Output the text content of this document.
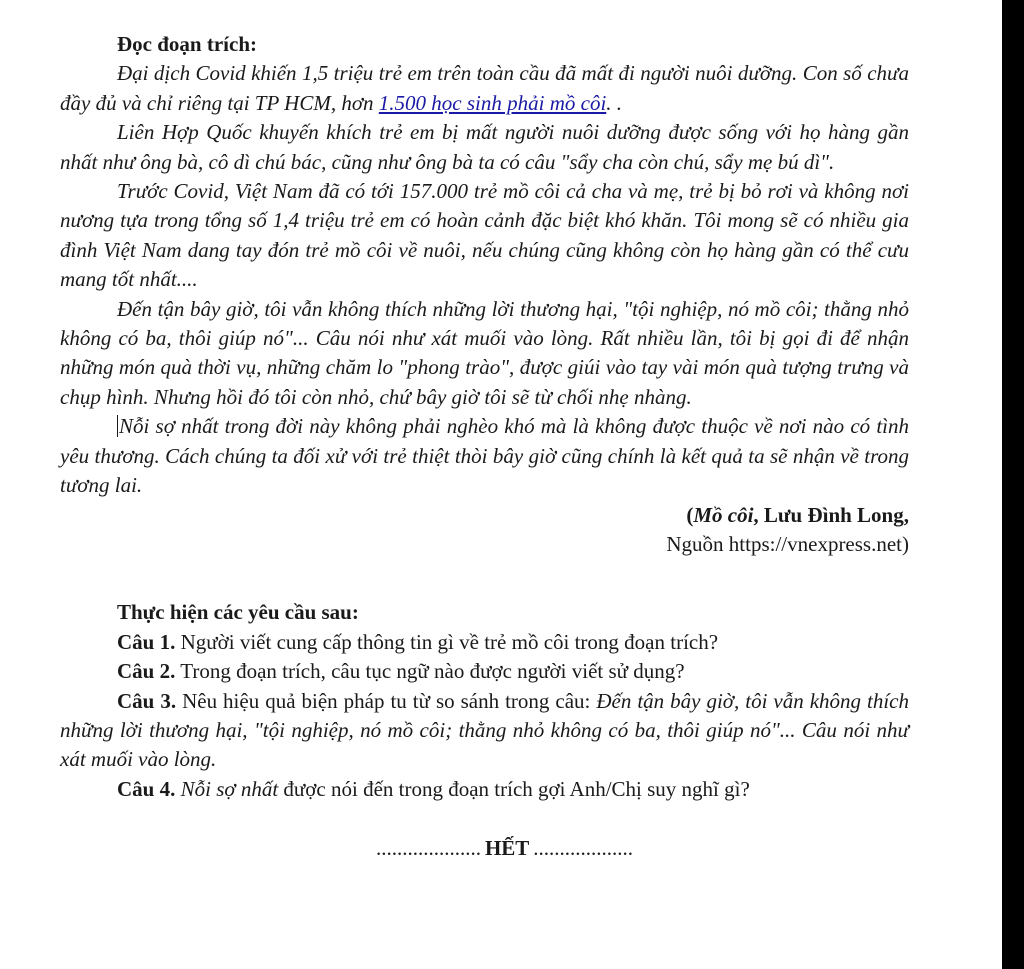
Đọc đoạn trích:

Đại dịch Covid khiến 1,5 triệu trẻ em trên toàn cầu đã mất đi người nuôi dưỡng. Con số chưa đầy đủ và chỉ riêng tại TP HCM, hơn 1.500 học sinh phải mồ côi. .

Liên Hợp Quốc khuyến khích trẻ em bị mất người nuôi dưỡng được sống với họ hàng gần nhất như ông bà, cô dì chú bác, cũng như ông bà ta có câu "sẩy cha còn chú, sẩy mẹ bú dì".

Trước Covid, Việt Nam đã có tới 157.000 trẻ mồ côi cả cha và mẹ, trẻ bị bỏ rơi và không nơi nương tựa trong tổng số 1,4 triệu trẻ em có hoàn cảnh đặc biệt khó khăn. Tôi mong sẽ có nhiều gia đình Việt Nam dang tay đón trẻ mồ côi về nuôi, nếu chúng cũng không còn họ hàng gần có thể cưu mang tốt nhất....

Đến tận bây giờ, tôi vẫn không thích những lời thương hại, "tội nghiệp, nó mồ côi; thằng nhỏ không có ba, thôi giúp nó"... Câu nói như xát muối vào lòng. Rất nhiều lần, tôi bị gọi đi để nhận những món quà thời vụ, những chăm lo "phong trào", được giúi vào tay vài món quà tượng trưng và chụp hình. Nhưng hồi đó tôi còn nhỏ, chứ bây giờ tôi sẽ từ chối nhẹ nhàng.

Nỗi sợ nhất trong đời này không phải nghèo khó mà là không được thuộc về nơi nào có tình yêu thương. Cách chúng ta đối xử với trẻ thiệt thòi bây giờ cũng chính là kết quả ta sẽ nhận về trong tương lai.

(Mồ côi, Lưu Đình Long,

Nguồn https://vnexpress.net)

Thực hiện các yêu cầu sau:

Câu 1. Người viết cung cấp thông tin gì về trẻ mồ côi trong đoạn trích?

Câu 2. Trong đoạn trích, câu tục ngữ nào được người viết sử dụng?

Câu 3. Nêu hiệu quả biện pháp tu từ so sánh trong câu: Đến tận bây giờ, tôi vẫn không thích những lời thương hại, "tội nghiệp, nó mồ côi; thằng nhỏ không có ba, thôi giúp nó"... Câu nói như xát muối vào lòng.

Câu 4. Nỗi sợ nhất được nói đến trong đoạn trích gợi Anh/Chị suy nghĩ gì?

.................... HẾT ...................
